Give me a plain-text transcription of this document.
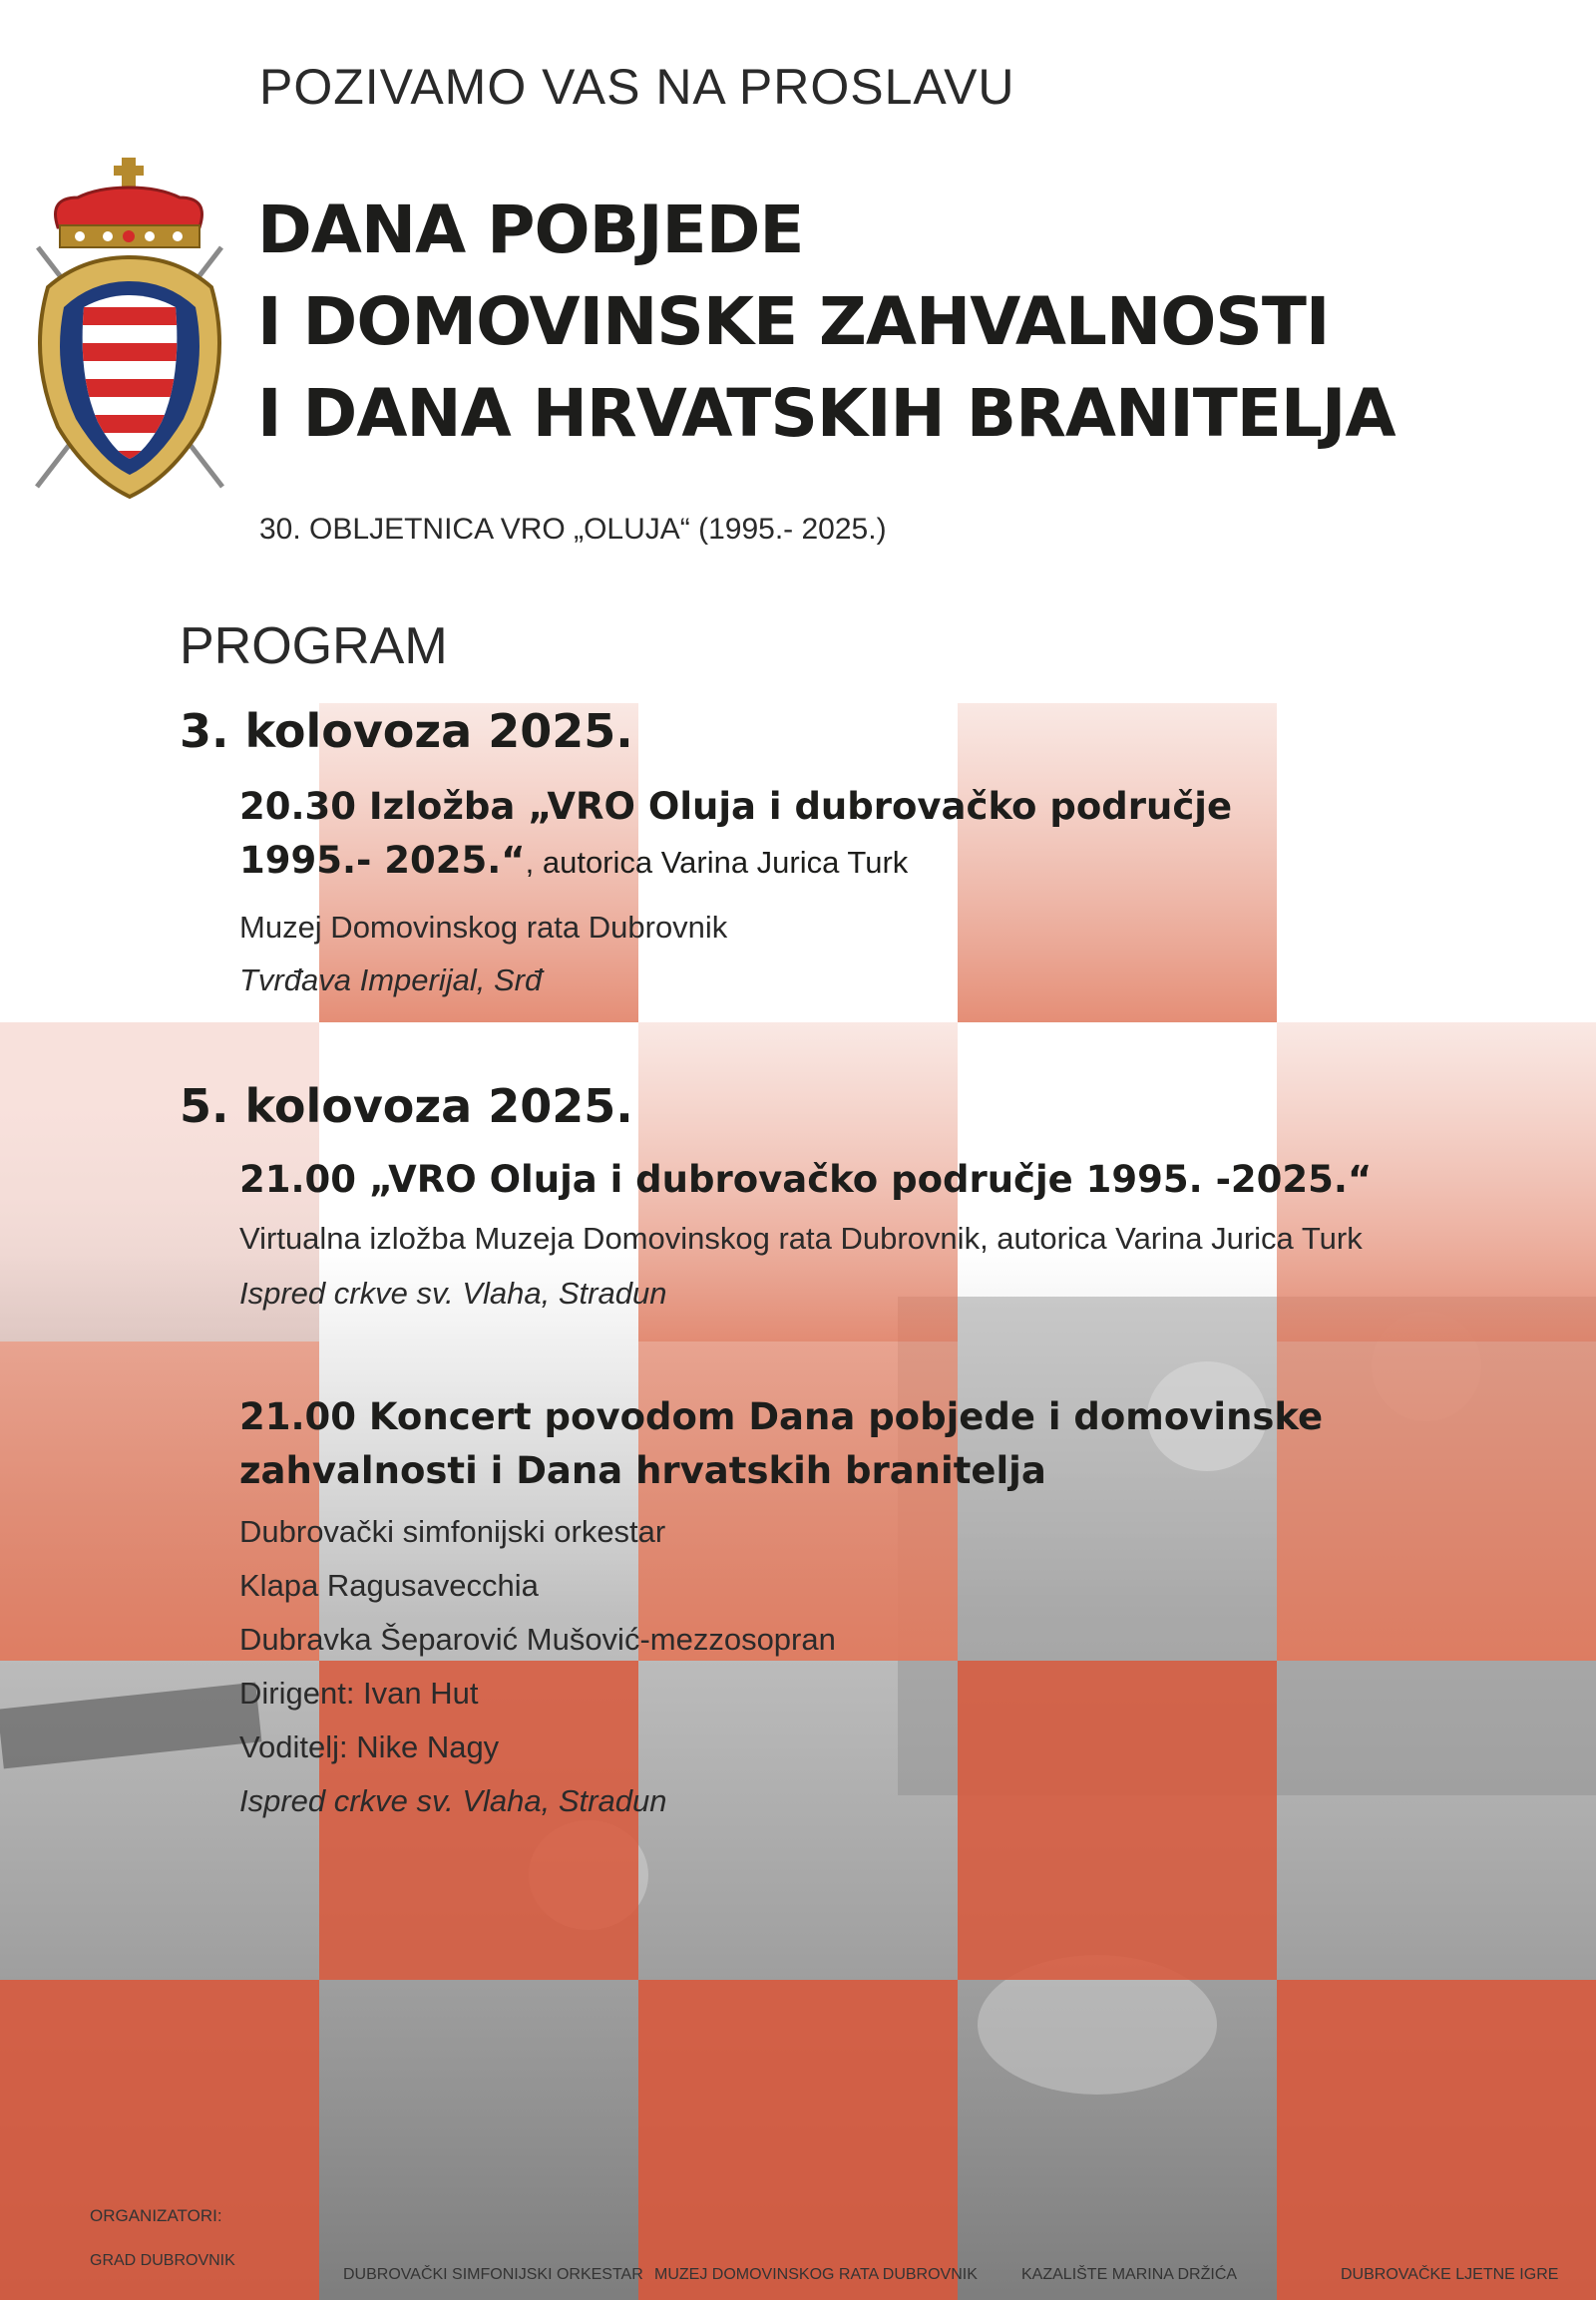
POZIVAMO VAS NA PROSLAVU
DANA POBJEDE
I DOMOVINSKE ZAHVALNOSTI
I DANA HRVATSKIH BRANITELJA
30. OBLJETNICA VRO „OLUJA“ (1995.- 2025.)
PROGRAM
3. kolovoza 2025.
20.30 Izložba „VRO Oluja i dubrovačko područje
1995.- 2025.“, autorica Varina Jurica Turk
Muzej Domovinskog rata Dubrovnik
Tvrđava Imperijal, Srđ
5. kolovoza 2025.
21.00 „VRO Oluja i dubrovačko područje 1995. -2025.“
Virtualna izložba Muzeja Domovinskog rata Dubrovnik, autorica Varina Jurica Turk
Ispred crkve sv. Vlaha, Stradun
21.00 Koncert povodom Dana pobjede i domovinske
zahvalnosti i Dana hrvatskih branitelja
Dubrovački simfonijski orkestar
Klapa Ragusavecchia
Dubravka Šeparović Mušović-mezzosopran
Dirigent: Ivan Hut
Voditelj: Nike Nagy
Ispred crkve sv. Vlaha, Stradun
ORGANIZATORI:
GRAD DUBROVNIK
DUBROVAČKI SIMFONIJSKI ORKESTAR MUZEJ DOMOVINSKOG RATA DUBROVNIK	KAZALIŠTE MARINA DRŽIĆA	DUBROVAČKE LJETNE IGRE
